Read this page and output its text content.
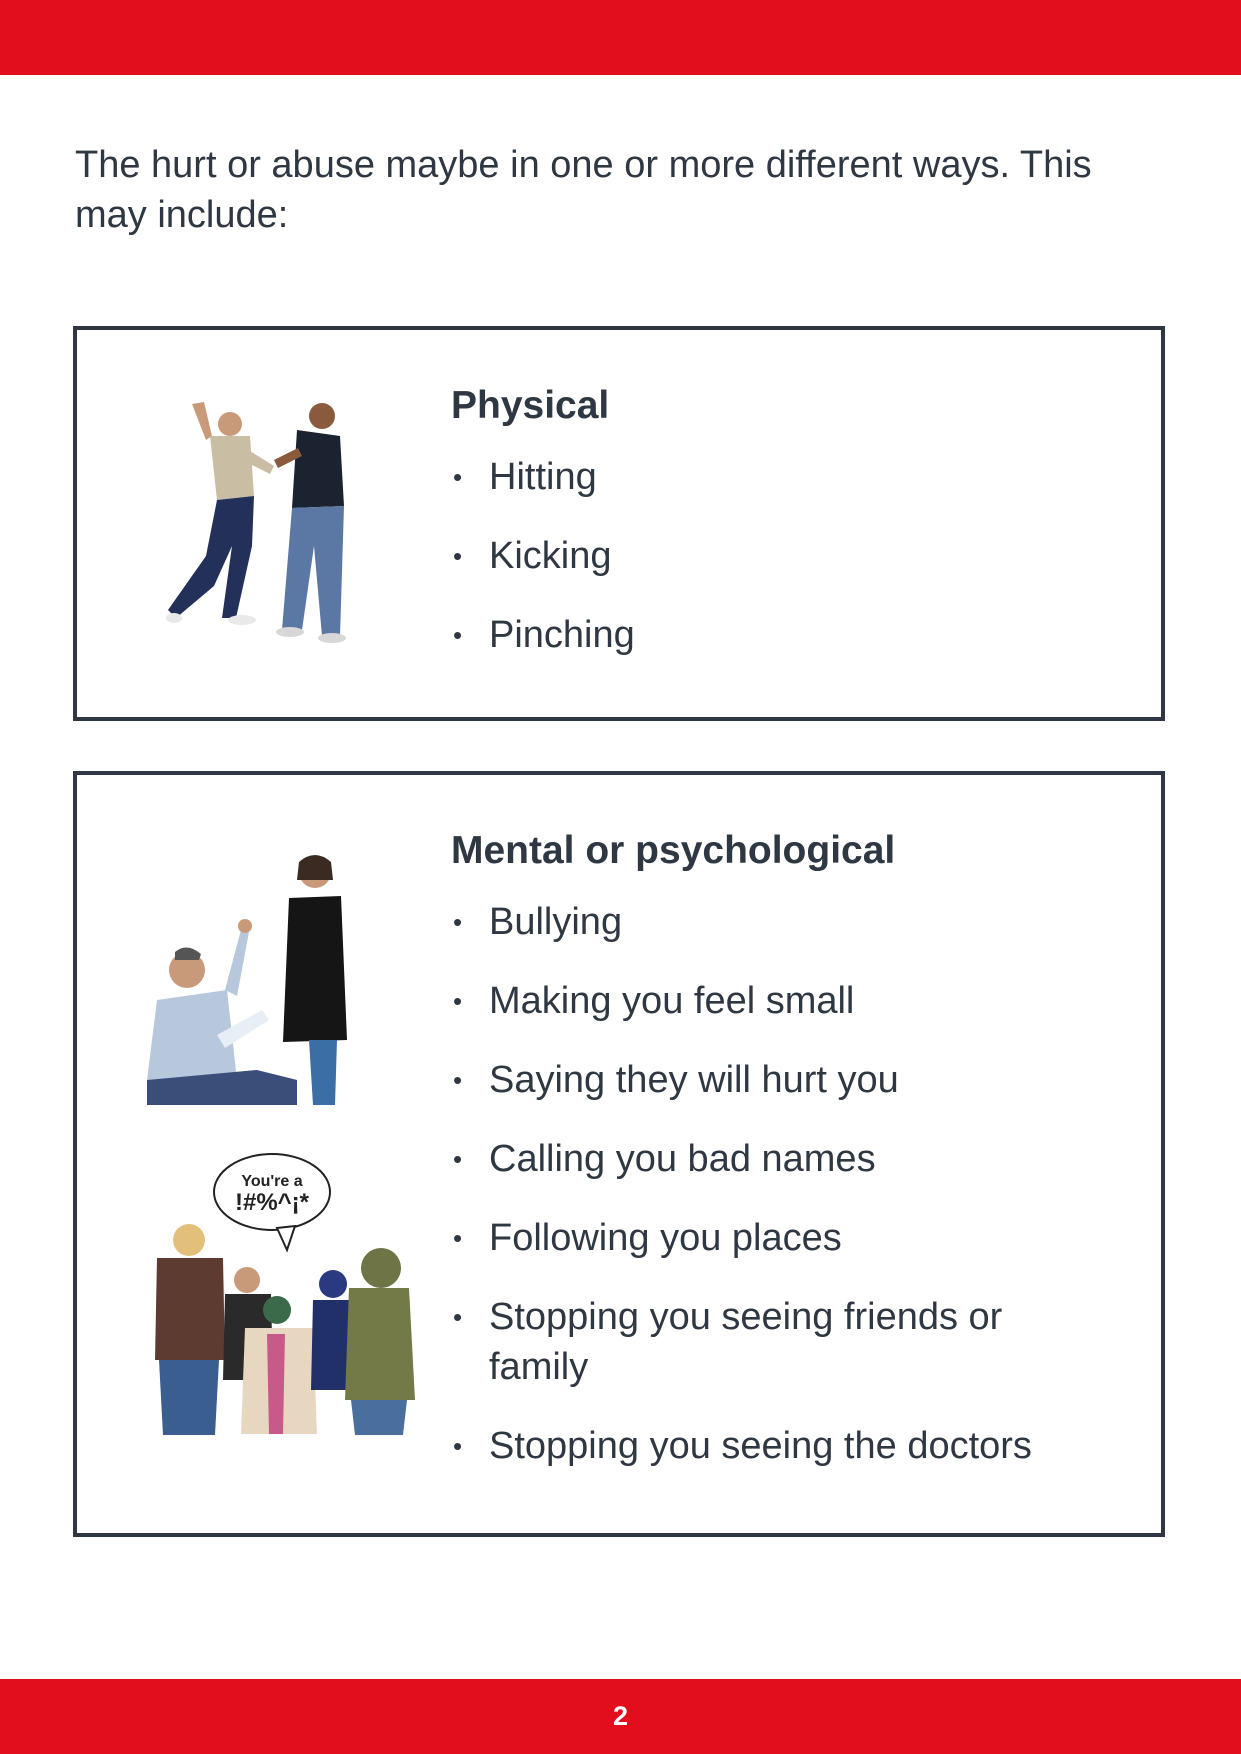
The hurt or abuse maybe in one or more different ways. This may include:

Physical
• Hitting
• Kicking
• Pinching
You're a
!#%^¡*
Mental or psychological
• Bullying
• Making you feel small
• Saying they will hurt you
• Calling you bad names
• Following you places
• Stopping you seeing friends or family
• Stopping you seeing the doctors
2
